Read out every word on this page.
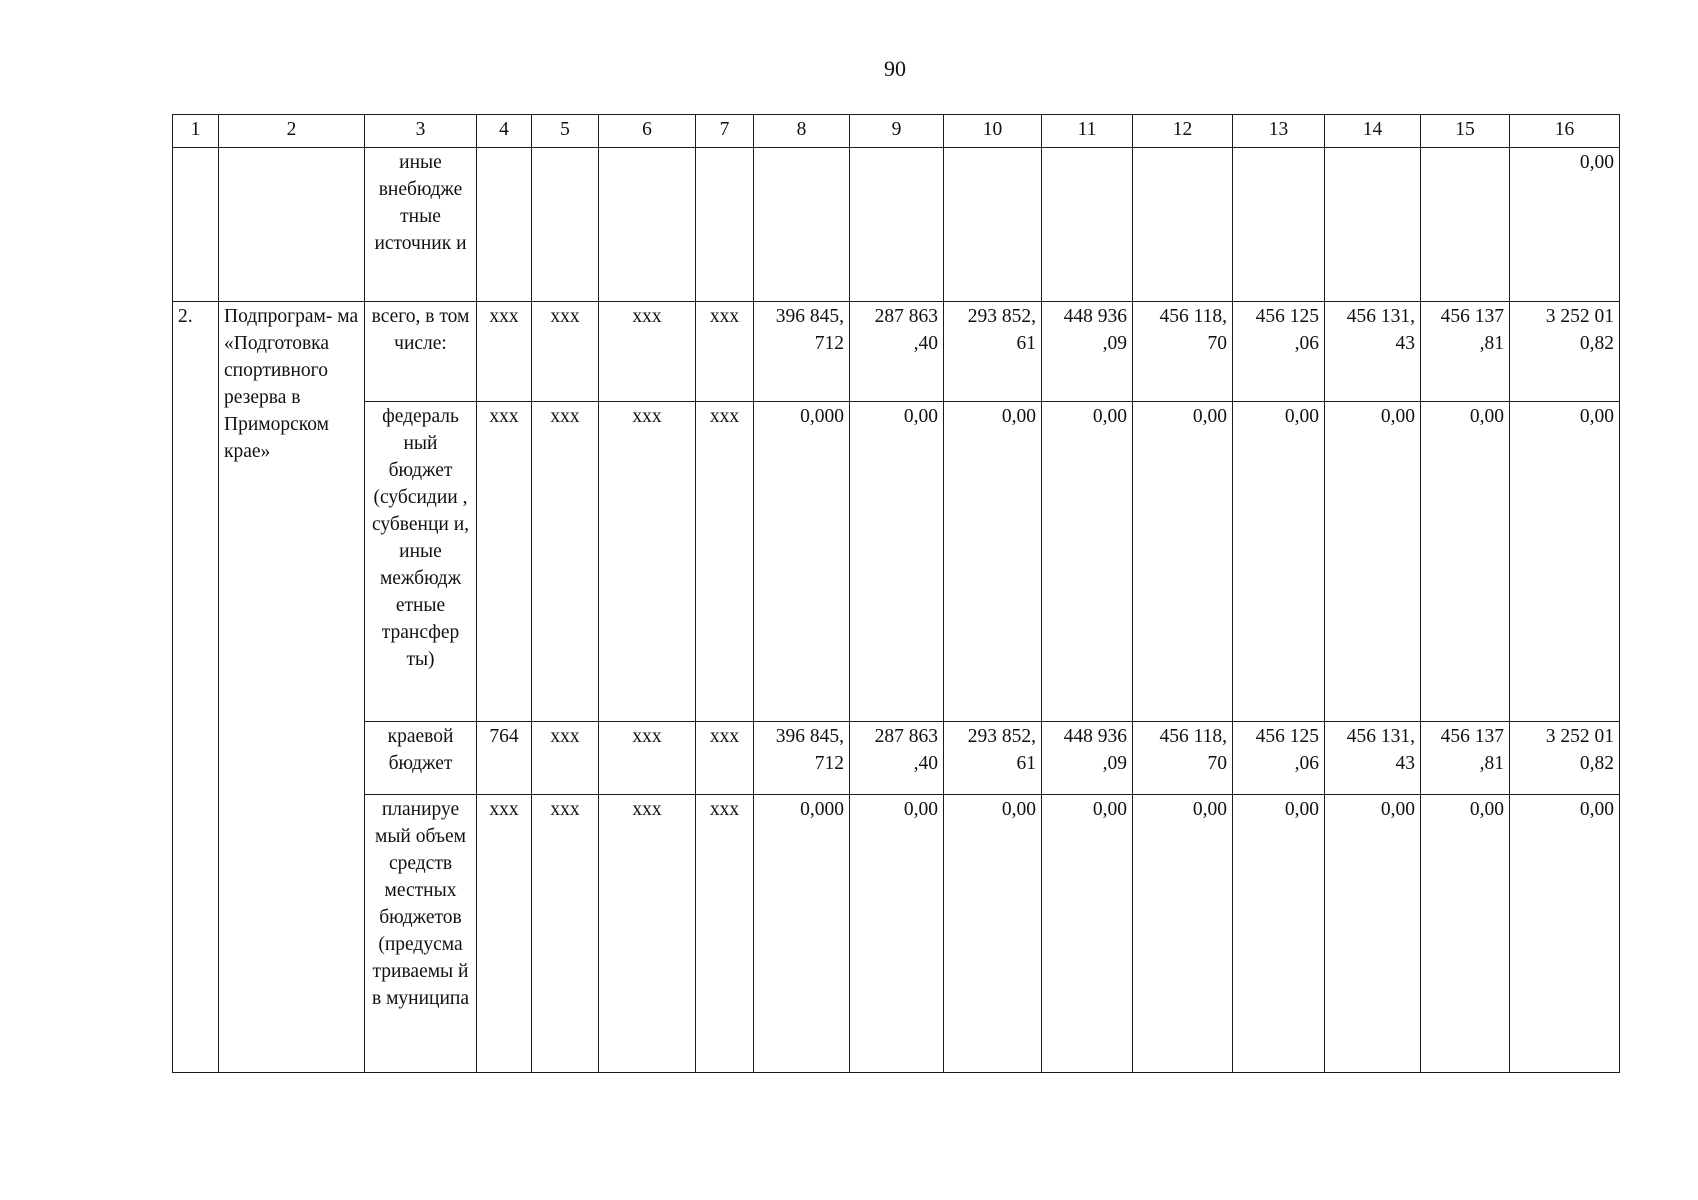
90
1	2	3	4	5	6	7	8	9	10	11	12	13	14	15	16
		иные внебюдже тные источник и													0,00
2.	Подпрограм- ма «Подготовка спортивного резерва в Приморском крае»	всего, в том числе:	ххх	ххх	ххх	ххх	396 845, 712	287 863 ,40	293 852, 61	448 936 ,09	456 118, 70	456 125 ,06	456 131, 43	456 137 ,81	3 252 01 0,82
		федераль ный бюджет (субсидии , субвенци и, иные межбюдж етные трансфер ты)	ххх	ххх	ххх	ххх	0,000	0,00	0,00	0,00	0,00	0,00	0,00	0,00	0,00
		краевой бюджет	764	ххх	ххх	ххх	396 845, 712	287 863 ,40	293 852, 61	448 936 ,09	456 118, 70	456 125 ,06	456 131, 43	456 137 ,81	3 252 01 0,82
		планируе мый объем средств местных бюджетов (предусма триваемы й в муниципа	ххх	ххх	ххх	ххх	0,000	0,00	0,00	0,00	0,00	0,00	0,00	0,00	0,00
